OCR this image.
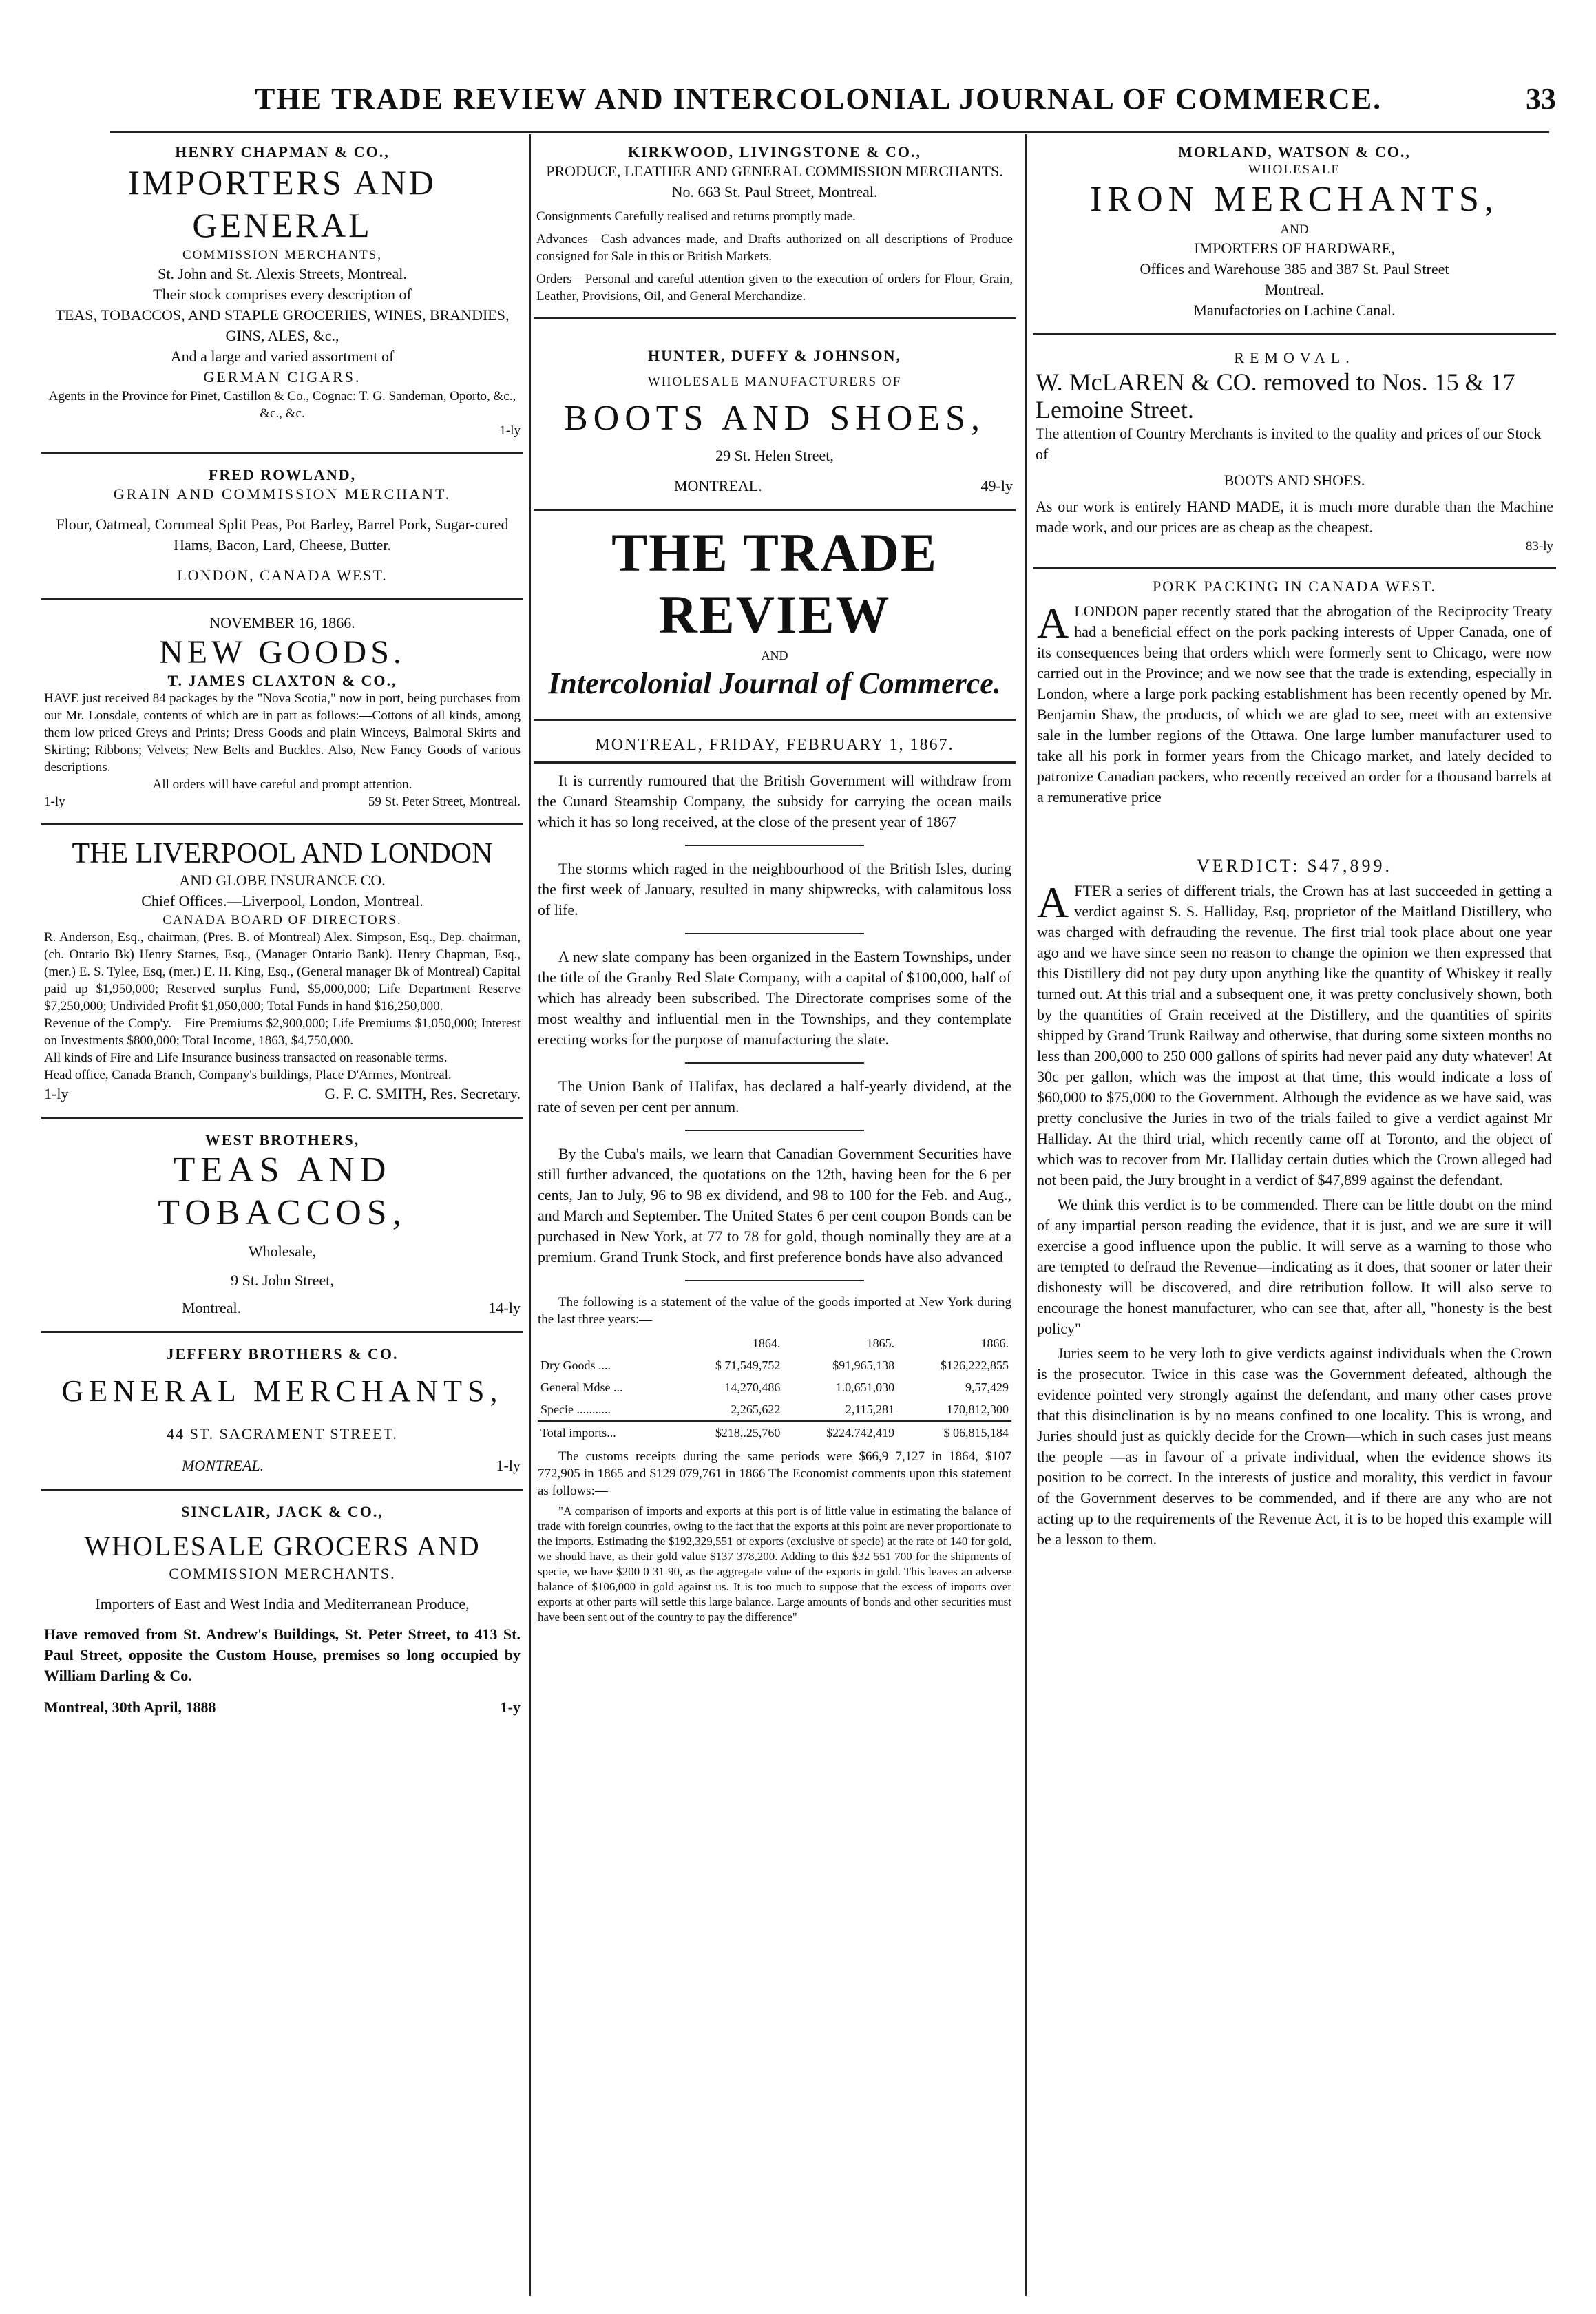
THE TRADE REVIEW AND INTERCOLONIAL JOURNAL OF COMMERCE.	33
HENRY CHAPMAN & CO.,
IMPORTERS AND GENERAL
COMMISSION MERCHANTS,
St. John and St. Alexis Streets, Montreal.
Their stock comprises every description of
TEAS, TOBACCOS, AND STAPLE GROCERIES, WINES, BRANDIES, GINS, ALES, &c.,
And a large and varied assortment of
GERMAN CIGARS.
Agents in the Province for Pinet, Castillon & Co., Cognac: T. G. Sandeman, Oporto, &c., &c., &c.
1-ly
FRED ROWLAND,
GRAIN AND COMMISSION MERCHANT.
Flour, Oatmeal, Cornmeal Split Peas, Pot Barley, Barrel Pork, Sugar-cured Hams, Bacon, Lard, Cheese, Butter.
LONDON, CANADA WEST.
NOVEMBER 16, 1866.
NEW GOODS.
T. JAMES CLAXTON & CO.,
HAVE just received 84 packages by the "Nova Scotia," now in port, being purchases from our Mr. Lonsdale, contents of which are in part as follows:—Cottons of all kinds, among them low priced Greys and Prints; Dress Goods and plain Winceys, Balmoral Skirts and Skirting; Ribbons; Velvets; New Belts and Buckles. Also, New Fancy Goods of various descriptions.
All orders will have careful and prompt attention.
1-ly	59 St. Peter Street, Montreal.
THE LIVERPOOL AND LONDON
AND GLOBE INSURANCE CO.
Chief Offices.—Liverpool, London, Montreal.
CANADA BOARD OF DIRECTORS.
R. Anderson, Esq., chairman, (Pres. B. of Montreal) Alex. Simpson, Esq., Dep. chairman, (ch. Ontario Bk) Henry Starnes, Esq., (Manager Ontario Bank). Henry Chapman, Esq., (mer.) E. S. Tylee, Esq, (mer.) E. H. King, Esq., (General manager Bk of Montreal) Capital paid up $1,950,000; Reserved surplus Fund, $5,000,000; Life Department Reserve $7,250,000; Undivided Profit $1,050,000; Total Funds in hand $16,250,000.
Revenue of the Comp'y.—Fire Premiums $2,900,000; Life Premiums $1,050,000; Interest on Investments $800,000; Total Income, 1863, $4,750,000.
All kinds of Fire and Life Insurance business transacted on reasonable terms.
Head office, Canada Branch, Company's buildings, Place D'Armes, Montreal.
1-ly	G. F. C. SMITH, Res. Secretary.
WEST BROTHERS,
TEAS AND TOBACCOS,
Wholesale,
9 St. John Street,
Montreal.	14-ly
JEFFERY BROTHERS & CO.
GENERAL MERCHANTS,
44 ST. SACRAMENT STREET.
MONTREAL.	1-ly
SINCLAIR, JACK & CO.,
WHOLESALE GROCERS AND
COMMISSION MERCHANTS.
Importers of East and West India and Mediterranean Produce,
Have removed from St. Andrew's Buildings, St. Peter Street, to 413 St. Paul Street, opposite the Custom House, premises so long occupied by William Darling & Co.
Montreal, 30th April, 1888	1-y
KIRKWOOD, LIVINGSTONE & CO.,
PRODUCE, LEATHER AND GENERAL COMMISSION MERCHANTS.
No. 663 St. Paul Street, Montreal.
Consignments Carefully realised and returns promptly made.
Advances—Cash advances made, and Drafts authorized on all descriptions of Produce consigned for Sale in this or British Markets.
Orders—Personal and careful attention given to the execution of orders for Flour, Grain, Leather, Provisions, Oil, and General Merchandize.
HUNTER, DUFFY & JOHNSON,
WHOLESALE MANUFACTURERS OF
BOOTS AND SHOES,
29 St. Helen Street,
MONTREAL.	49-ly
THE TRADE REVIEW
AND
Intercolonial Journal of Commerce.
MONTREAL, FRIDAY, FEBRUARY 1, 1867.

It is currently rumoured that the British Government will withdraw from the Cunard Steamship Company, the subsidy for carrying the ocean mails which it has so long received, at the close of the present year of 1867

The storms which raged in the neighbourhood of the British Isles, during the first week of January, resulted in many shipwrecks, with calamitous loss of life.

A new slate company has been organized in the Eastern Townships, under the title of the Granby Red Slate Company, with a capital of $100,000, half of which has already been subscribed. The Directorate comprises some of the most wealthy and influential men in the Townships, and they contemplate erecting works for the purpose of manufacturing the slate.

The Union Bank of Halifax, has declared a half-yearly dividend, at the rate of seven per cent per annum.

By the Cuba's mails, we learn that Canadian Government Securities have still further advanced, the quotations on the 12th, having been for the 6 per cents, Jan to July, 96 to 98 ex dividend, and 98 to 100 for the Feb. and Aug., and March and September. The United States 6 per cent coupon Bonds can be purchased in New York, at 77 to 78 for gold, though nominally they are at a premium. Grand Trunk Stock, and first preference bonds have also advanced

The following is a statement of the value of the goods imported at New York during the last three years:—

	1864.	1865.	1866.
Dry Goods ....	$ 71,549,752	$91,965,138	$126,222,855
General Mdse ...	14,270,486	1.0,651,030	9,57,429
Specie ...........	2,265,622	2,115,281	170,812,300
Total imports...	$218,.25,760	$224.742,419	$ 06,815,184

The customs receipts during the same periods were $66,9 7,127 in 1864, $107 772,905 in 1865 and $129 079,761 in 1866 The Economist comments upon this statement as follows:—

"A comparison of imports and exports at this port is of little value in estimating the balance of trade with foreign countries, owing to the fact that the exports at this point are never proportionate to the imports. Estimating the $192,329,551 of exports (exclusive of specie) at the rate of 140 for gold, we should have, as their gold value $137 378,200. Adding to this $32 551 700 for the shipments of specie, we have $200 0 31 90, as the aggregate value of the exports in gold. This leaves an adverse balance of $106,000 in gold against us. It is too much to suppose that the excess of imports over exports at other parts will settle this large balance. Large amounts of bonds and other securities must have been sent out of the country to pay the difference"

MORLAND, WATSON & CO.,
WHOLESALE
IRON MERCHANTS,
AND
IMPORTERS OF HARDWARE,
Offices and Warehouse 385 and 387 St. Paul Street
Montreal.
Manufactories on Lachine Canal.
REMOVAL.
W. McLAREN & CO. removed to Nos. 15 & 17 Lemoine Street.
The attention of Country Merchants is invited to the quality and prices of our Stock of
BOOTS AND SHOES.
As our work is entirely HAND MADE, it is much more durable than the Machine made work, and our prices are as cheap as the cheapest.
83-ly
PORK PACKING IN CANADA WEST.
A LONDON paper recently stated that the abrogation of the Reciprocity Treaty had a beneficial effect on the pork packing interests of Upper Canada, one of its consequences being that orders which were formerly sent to Chicago, were now carried out in the Province; and we now see that the trade is extending, especially in London, where a large pork packing establishment has been recently opened by Mr. Benjamin Shaw, the products, of which we are glad to see, meet with an extensive sale in the lumber regions of the Ottawa. One large lumber manufacturer used to take all his pork in former years from the Chicago market, and lately decided to patronize Canadian packers, who recently received an order for a thousand barrels at a remunerative price
VERDICT: $47,899.
A FTER a series of different trials, the Crown has at last succeeded in getting a verdict against S. S. Halliday, Esq, proprietor of the Maitland Distillery, who was charged with defrauding the revenue. The first trial took place about one year ago and we have since seen no reason to change the opinion we then expressed that this Distillery did not pay duty upon anything like the quantity of Whiskey it really turned out. At this trial and a subsequent one, it was pretty conclusively shown, both by the quantities of Grain received at the Distillery, and the quantities of spirits shipped by Grand Trunk Railway and otherwise, that during some sixteen months no less than 200,000 to 250 000 gallons of spirits had never paid any duty whatever! At 30c per gallon, which was the impost at that time, this would indicate a loss of $60,000 to $75,000 to the Government. Although the evidence as we have said, was pretty conclusive the Juries in two of the trials failed to give a verdict against Mr Halliday. At the third trial, which recently came off at Toronto, and the object of which was to recover from Mr. Halliday certain duties which the Crown alleged had not been paid, the Jury brought in a verdict of $47,899 against the defendant.

We think this verdict is to be commended. There can be little doubt on the mind of any impartial person reading the evidence, that it is just, and we are sure it will exercise a good influence upon the public. It will serve as a warning to those who are tempted to defraud the Revenue—indicating as it does, that sooner or later their dishonesty will be discovered, and dire retribution follow. It will also serve to encourage the honest manufacturer, who can see that, after all, "honesty is the best policy"

Juries seem to be very loth to give verdicts against individuals when the Crown is the prosecutor. Twice in this case was the Government defeated, although the evidence pointed very strongly against the defendant, and many other cases prove that this disinclination is by no means confined to one locality. This is wrong, and Juries should just as quickly decide for the Crown—which in such cases just means the people —as in favour of a private individual, when the evidence shows its position to be correct. In the interests of justice and morality, this verdict in favour of the Government deserves to be commended, and if there are any who are not acting up to the requirements of the Revenue Act, it is to be hoped this example will be a lesson to them.
